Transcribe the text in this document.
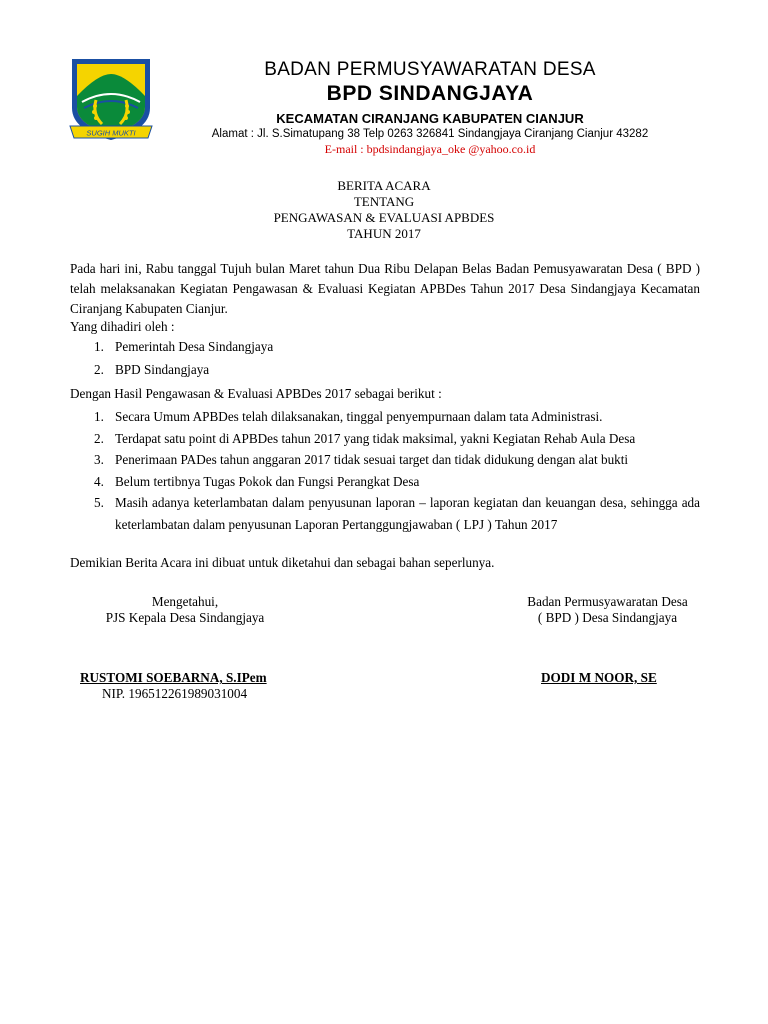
SUGIH MUKTI
BADAN PERMUSYAWARATAN DESA
BPD SINDANGJAYA
KECAMATAN CIRANJANG KABUPATEN CIANJUR
Alamat : Jl. S.Simatupang 38 Telp 0263 326841 Sindangjaya Ciranjang Cianjur 43282
E-mail : bpdsindangjaya_oke @yahoo.co.id
BERITA ACARA
TENTANG
PENGAWASAN & EVALUASI APBDES
TAHUN 2017

Pada hari ini, Rabu tanggal Tujuh bulan Maret tahun Dua Ribu Delapan Belas Badan Pemusyawaratan Desa ( BPD ) telah melaksanakan Kegiatan Pengawasan & Evaluasi Kegiatan APBDes Tahun 2017 Desa Sindangjaya Kecamatan Ciranjang Kabupaten Cianjur.

Yang dihadiri oleh :

1. Pemerintah Desa Sindangjaya
2. BPD Sindangjaya

Dengan Hasil Pengawasan & Evaluasi APBDes 2017 sebagai berikut :

1. Secara Umum APBDes telah dilaksanakan, tinggal penyempurnaan dalam tata Administrasi.
2. Terdapat satu point di APBDes tahun 2017 yang tidak maksimal, yakni Kegiatan Rehab Aula Desa
3. Penerimaan PADes tahun anggaran 2017 tidak sesuai target dan tidak didukung dengan alat bukti
4. Belum tertibnya Tugas Pokok dan Fungsi Perangkat Desa
5. Masih adanya keterlambatan dalam penyusunan laporan – laporan kegiatan dan keuangan desa, sehingga ada keterlambatan dalam penyusunan Laporan Pertanggungjawaban ( LPJ ) Tahun 2017
Demikian Berita Acara ini dibuat untuk diketahui dan sebagai bahan seperlunya.
Mengetahui,
PJS Kepala Desa Sindangjaya
Badan Permusyawaratan Desa
( BPD ) Desa Sindangjaya
RUSTOMI SOEBARNA, S.IPem
NIP. 196512261989031004
DODI M NOOR, SE
